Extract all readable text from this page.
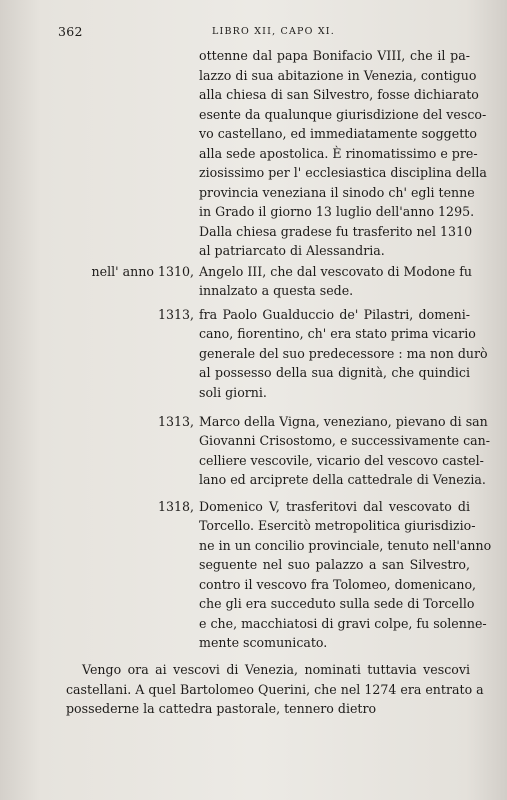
362	LIBRO XII, CAPO XI.
ottenne dal papa Bonifacio VIII, che il pa-
lazzo di sua abitazione in Venezia, contiguo
alla chiesa di san Silvestro, fosse dichiarato
esente da qualunque giurisdizione del vesco-
vo castellano, ed immediatamente soggetto
alla sede apostolica. È rinomatissimo e pre-
ziosissimo per l' ecclesiastica disciplina della
provincia veneziana il sinodo ch' egli tenne
in Grado il giorno 13 luglio dell'anno 1295.
Dalla chiesa gradese fu trasferito nel 1310
al patriarcato di Alessandria.
nell' anno 1310, Angelo III, che dal vescovato di Modone fu
innalzato a questa sede.
1313, fra Paolo Gualduccio de' Pilastri, domeni-
cano, fiorentino, ch' era stato prima vicario
generale del suo predecessore : ma non durò
al possesso della sua dignità, che quindici
soli giorni.
1313, Marco della Vigna, veneziano, pievano di san
Giovanni Crisostomo, e successivamente can-
celliere vescovile, vicario del vescovo castel-
lano ed arciprete della cattedrale di Venezia.
1318, Domenico V, trasferitovi dal vescovato di
Torcello. Esercitò metropolitica giurisdizio-
ne in un concilio provinciale, tenuto nell'anno
seguente nel suo palazzo a san Silvestro,
contro il vescovo fra Tolomeo, domenicano,
che gli era succeduto sulla sede di Torcello
e che, macchiatosi di gravi colpe, fu solenne-
mente scomunicato.
Vengo ora ai vescovi di Venezia, nominati tuttavia vescovi
castellani. A quel Bartolomeo Querini, che nel 1274 era entrato a
possederne la cattedra pastorale, tennero dietro
